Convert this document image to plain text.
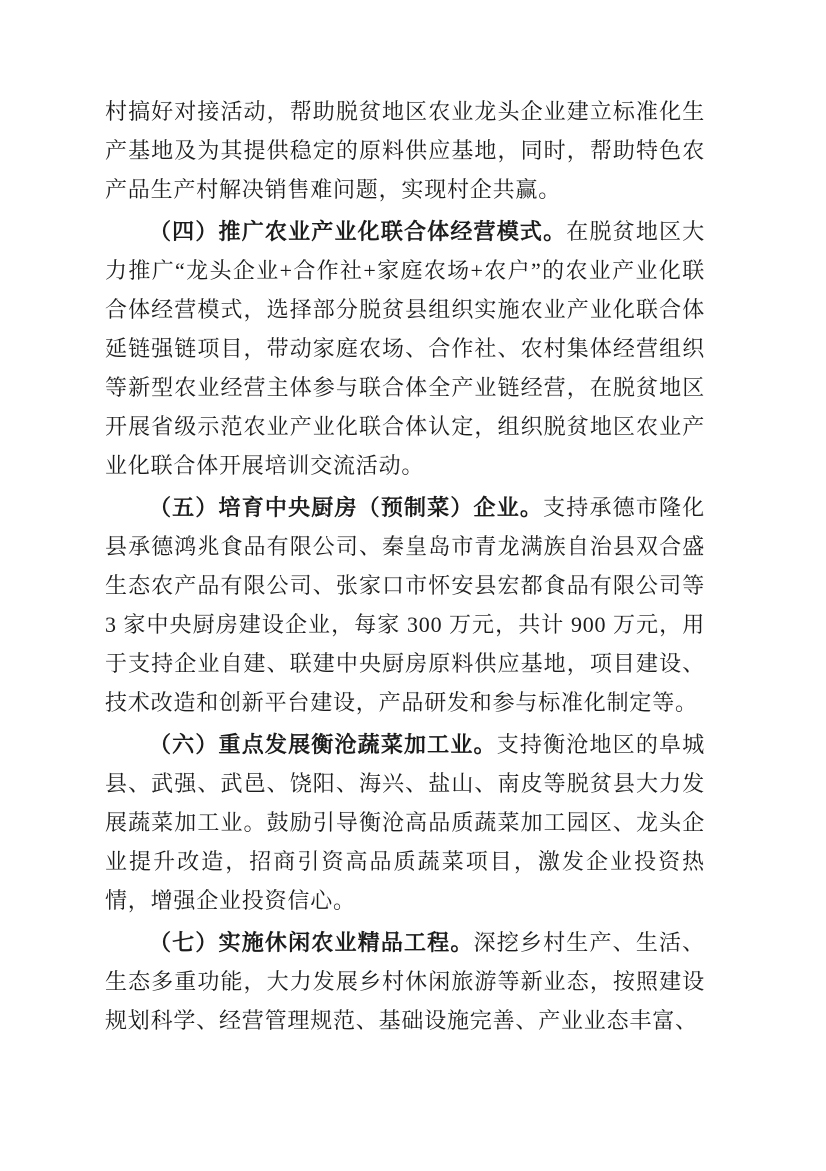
村搞好对接活动，帮助脱贫地区农业龙头企业建立标准化生产基地及为其提供稳定的原料供应基地，同时，帮助特色农产品生产村解决销售难问题，实现村企共赢。

（四）推广农业产业化联合体经营模式。在脱贫地区大力推广“龙头企业+合作社+家庭农场+农户”的农业产业化联合体经营模式，选择部分脱贫县组织实施农业产业化联合体延链强链项目，带动家庭农场、合作社、农村集体经营组织等新型农业经营主体参与联合体全产业链经营，在脱贫地区开展省级示范农业产业化联合体认定，组织脱贫地区农业产业化联合体开展培训交流活动。

（五）培育中央厨房（预制菜）企业。支持承德市隆化县承德鸿兆食品有限公司、秦皇岛市青龙满族自治县双合盛生态农产品有限公司、张家口市怀安县宏都食品有限公司等 3 家中央厨房建设企业，每家 300 万元，共计 900 万元，用于支持企业自建、联建中央厨房原料供应基地，项目建设、技术改造和创新平台建设，产品研发和参与标准化制定等。

（六）重点发展衡沧蔬菜加工业。支持衡沧地区的阜城县、武强、武邑、饶阳、海兴、盐山、南皮等脱贫县大力发展蔬菜加工业。鼓励引导衡沧高品质蔬菜加工园区、龙头企业提升改造，招商引资高品质蔬菜项目，激发企业投资热情，增强企业投资信心。

（七）实施休闲农业精品工程。深挖乡村生产、生活、生态多重功能，大力发展乡村休闲旅游等新业态，按照建设规划科学、经营管理规范、基础设施完善、产业业态丰富、
